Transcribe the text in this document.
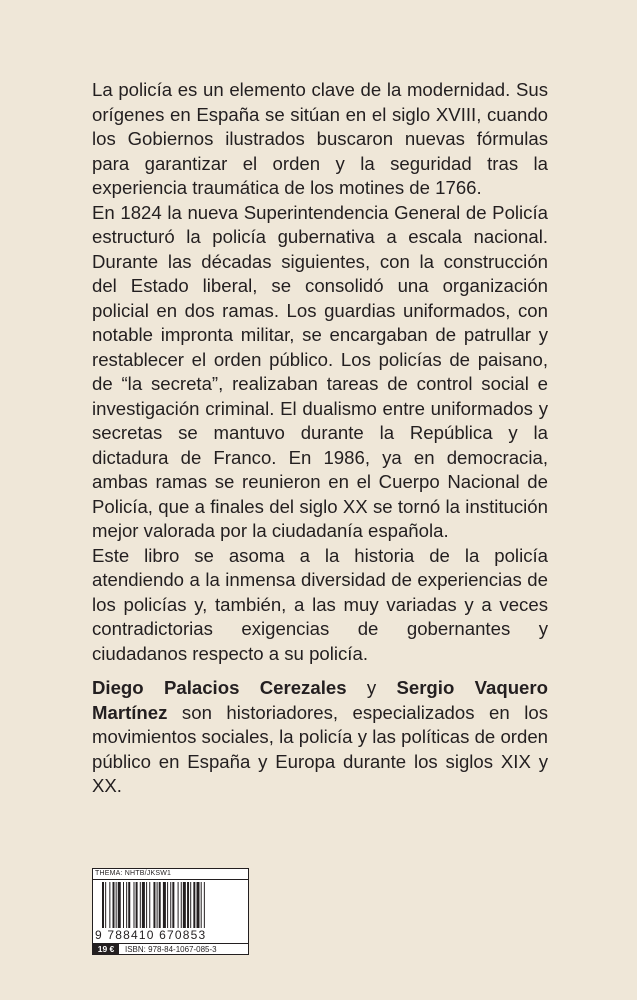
La policía es un elemento clave de la modernidad. Sus orígenes en España se sitúan en el siglo XVIII, cuando los Gobiernos ilustrados buscaron nuevas fórmulas para garantizar el orden y la seguridad tras la experiencia traumática de los motines de 1766.

En 1824 la nueva Superintendencia General de Policía estructuró la policía gubernativa a escala nacional. Durante las décadas siguientes, con la construcción del Estado liberal, se consolidó una organización policial en dos ramas. Los guardias uniformados, con notable impronta militar, se encargaban de patrullar y restablecer el orden público. Los policías de paisano, de “la secreta”, realizaban tareas de control social e investigación criminal. El dualismo entre uniformados y secretas se mantuvo durante la República y la dictadura de Franco. En 1986, ya en democracia, ambas ramas se reunieron en el Cuerpo Nacional de Policía, que a finales del siglo XX se tornó la institución mejor valorada por la ciudadanía española.

Este libro se asoma a la historia de la policía atendiendo a la inmensa diversidad de experiencias de los policías y, también, a las muy variadas y a veces contradictorias exigencias de gobernantes y ciudadanos respecto a su policía.

Diego Palacios Cerezales y Sergio Vaquero Martínez son historiadores, especializados en los movimientos sociales, la policía y las políticas de orden público en España y Europa durante los siglos XIX y XX.

THEMA: NHTB/JKSW1
9 788410 670853
19 €	ISBN: 978-84-1067-085-3
